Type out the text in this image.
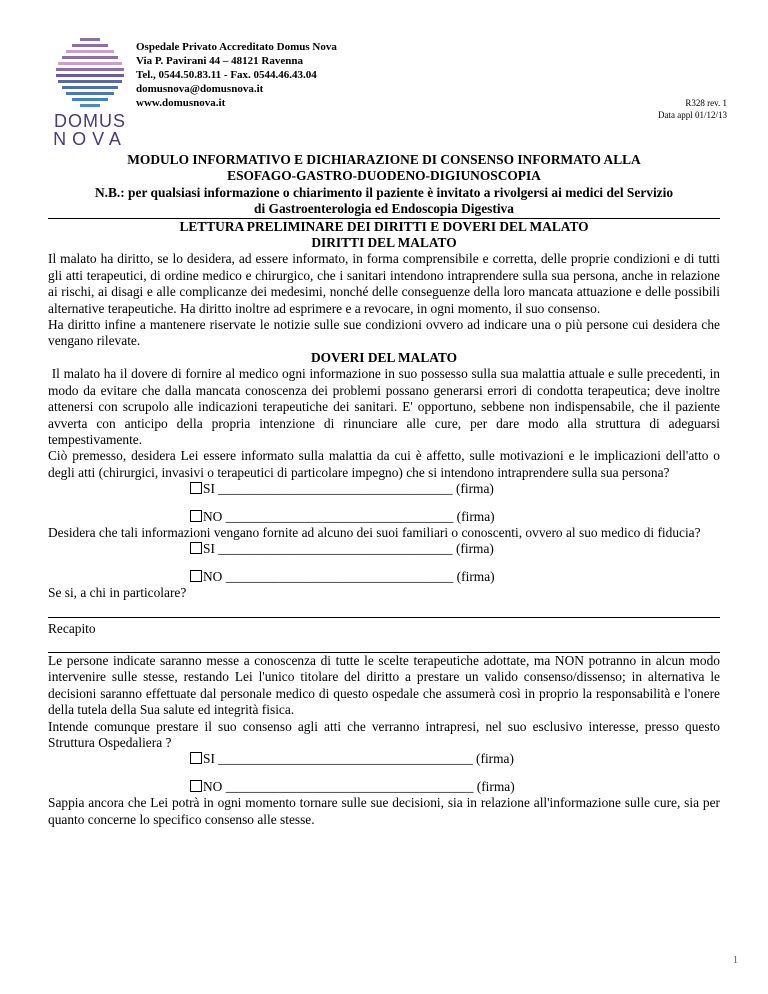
DOMUS
NOVA
Ospedale Privato Accreditato Domus Nova
Via P. Pavirani 44 – 48121 Ravenna
Tel., 0544.50.83.11 - Fax. 0544.46.43.04
domusnova@domusnova.it
www.domusnova.it	R328 rev. 1
Data appl 01/12/13
MODULO INFORMATIVO E DICHIARAZIONE DI CONSENSO INFORMATO ALLA
ESOFAGO-GASTRO-DUODENO-DIGIUNOSCOPIA
N.B.: per qualsiasi informazione o chiarimento il paziente è invitato a rivolgersi ai medici del Servizio
di Gastroenterologia ed Endoscopia Digestiva
LETTURA PRELIMINARE DEI DIRITTI E DOVERI DEL MALATO
DIRITTI DEL MALATO

Il malato ha diritto, se lo desidera, ad essere informato, in forma comprensibile e corretta, delle proprie condizioni e di tutti gli atti terapeutici, di ordine medico e chirurgico, che i sanitari intendono intraprendere sulla sua persona, anche in relazione ai rischi, ai disagi e alle complicanze dei medesimi, nonché delle conseguenze della loro mancata attuazione e delle possibili alternative terapeutiche. Ha diritto inoltre ad esprimere e a revocare, in ogni momento, il suo consenso.

Ha diritto infine a mantenere riservate le notizie sulle sue condizioni ovvero ad indicare una o più persone cui desidera che vengano rilevate.

DOVERI DEL MALATO

Il malato ha il dovere di fornire al medico ogni informazione in suo possesso sulla sua malattia attuale e sulle precedenti, in modo da evitare che dalla mancata conoscenza dei problemi possano generarsi errori di condotta terapeutica; deve inoltre attenersi con scrupolo alle indicazioni terapeutiche dei sanitari. E' opportuno, sebbene non indispensabile, che il paziente avverta con anticipo della propria intenzione di rinunciare alle cure, per dare modo alla struttura di adeguarsi tempestivamente.

Ciò premesso, desidera Lei essere informato sulla malattia da cui è affetto, sulle motivazioni e le implicazioni dell'atto o degli atti (chirurgici, invasivi o terapeutici di particolare impegno) che si intendono intraprendere sulla sua persona?

SI ___________________________________ (firma)
NO __________________________________ (firma)

Desidera che tali informazioni vengano fornite ad alcuno dei suoi familiari o conoscenti, ovvero al suo medico di fiducia?

SI ___________________________________ (firma)
NO __________________________________ (firma)
Se si, a chi in particolare?
Recapito

Le persone indicate saranno messe a conoscenza di tutte le scelte terapeutiche adottate, ma NON potranno in alcun modo intervenire sulle stesse, restando Lei l'unico titolare del diritto a prestare un valido consenso/dissenso; in alternativa le decisioni saranno effettuate dal personale medico di questo ospedale che assumerà così in proprio la responsabilità e l'onere della tutela della Sua salute ed integrità fisica.

Intende comunque prestare il suo consenso agli atti che verranno intrapresi, nel suo esclusivo interesse, presso questo Struttura Ospedaliera ?

SI ______________________________________ (firma)
NO _____________________________________ (firma)

Sappia ancora che Lei potrà in ogni momento tornare sulle sue decisioni, sia in relazione all'informazione sulle cure, sia per quanto concerne lo specifico consenso alle stesse.

1
